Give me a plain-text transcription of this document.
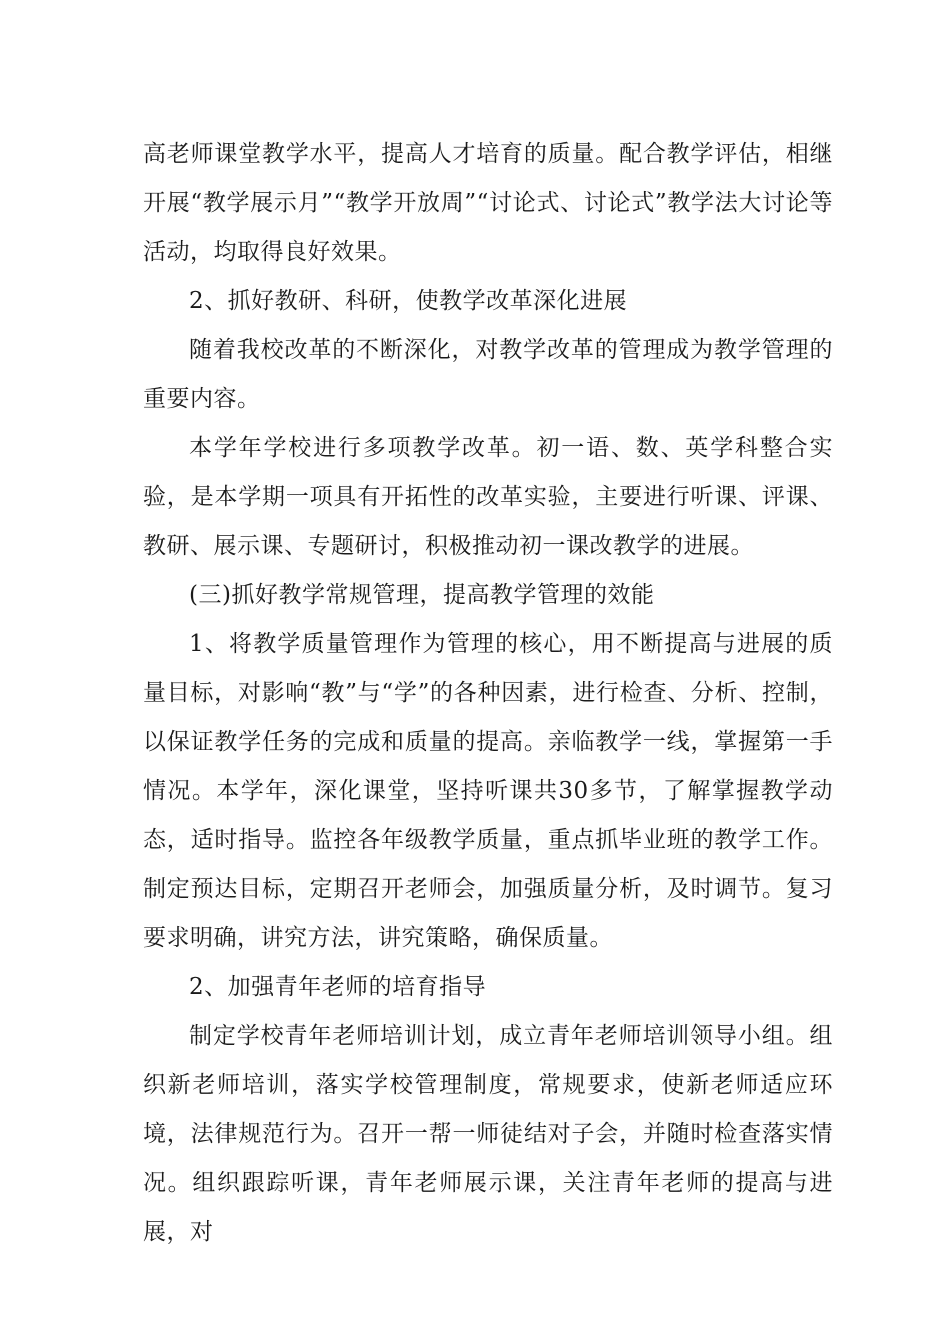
高老师课堂教学水平，提高人才培育的质量。配合教学评估，相继开展“教学展示月”“教学开放周”“讨论式、讨论式”教学法大讨论等活动，均取得良好效果。

2、抓好教研、科研，使教学改革深化进展

随着我校改革的不断深化，对教学改革的管理成为教学管理的重要内容。

本学年学校进行多项教学改革。初一语、数、英学科整合实验，是本学期一项具有开拓性的改革实验，主要进行听课、评课、教研、展示课、专题研讨，积极推动初一课改教学的进展。

(三)抓好教学常规管理，提高教学管理的效能

1、将教学质量管理作为管理的核心，用不断提高与进展的质量目标，对影响“教”与“学”的各种因素，进行检查、分析、控制，以保证教学任务的完成和质量的提高。亲临教学一线，掌握第一手情况。本学年，深化课堂，坚持听课共30多节，了解掌握教学动态，适时指导。监控各年级教学质量，重点抓毕业班的教学工作。制定预达目标，定期召开老师会，加强质量分析，及时调节。复习要求明确，讲究方法，讲究策略，确保质量。

2、加强青年老师的培育指导

制定学校青年老师培训计划，成立青年老师培训领导小组。组织新老师培训，落实学校管理制度，常规要求，使新老师适应环境，法律规范行为。召开一帮一师徒结对子会，并随时检查落实情况。组织跟踪听课，青年老师展示课，关注青年老师的提高与进展，对
